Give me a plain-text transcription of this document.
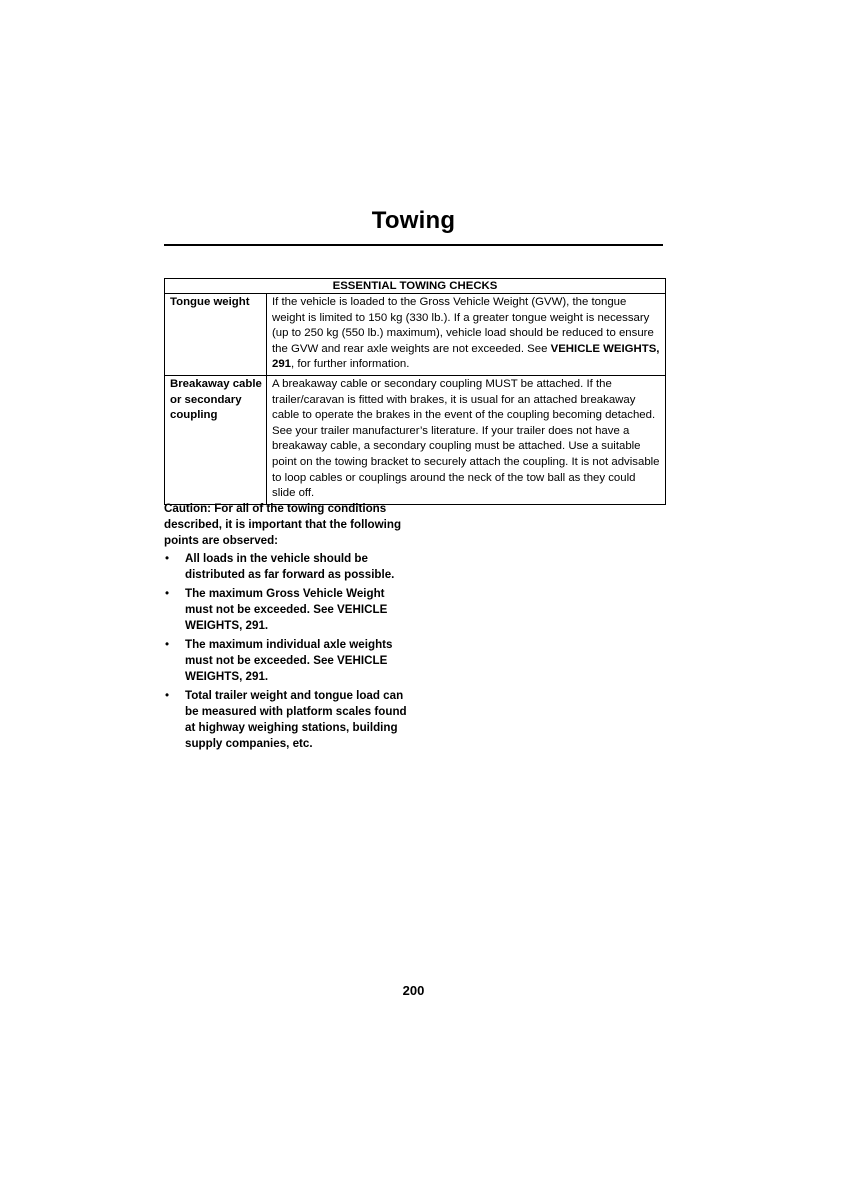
Towing
ESSENTIAL TOWING CHECKS	
Tongue weight	If the vehicle is loaded to the Gross Vehicle Weight (GVW), the tongue weight is limited to 150 kg (330 lb.). If a greater tongue weight is necessary (up to 250 kg (550 lb.) maximum), vehicle load should be reduced to ensure the GVW and rear axle weights are not exceeded. See VEHICLE WEIGHTS, 291, for further information.
Breakaway cable or secondary coupling	A breakaway cable or secondary coupling MUST be attached. If the trailer/caravan is fitted with brakes, it is usual for an attached breakaway cable to operate the brakes in the event of the coupling becoming detached. See your trailer manufacturer’s literature. If your trailer does not have a breakaway cable, a secondary coupling must be attached. Use a suitable point on the towing bracket to securely attach the coupling. It is not advisable to loop cables or couplings around the neck of the tow ball as they could slide off.
Caution: For all of the towing conditions described, it is important that the following points are observed:
• All loads in the vehicle should be distributed as far forward as possible.
• The maximum Gross Vehicle Weight must not be exceeded. See VEHICLE WEIGHTS, 291.
• The maximum individual axle weights must not be exceeded. See VEHICLE WEIGHTS, 291.
• Total trailer weight and tongue load can be measured with platform scales found at highway weighing stations, building supply companies, etc.
200
